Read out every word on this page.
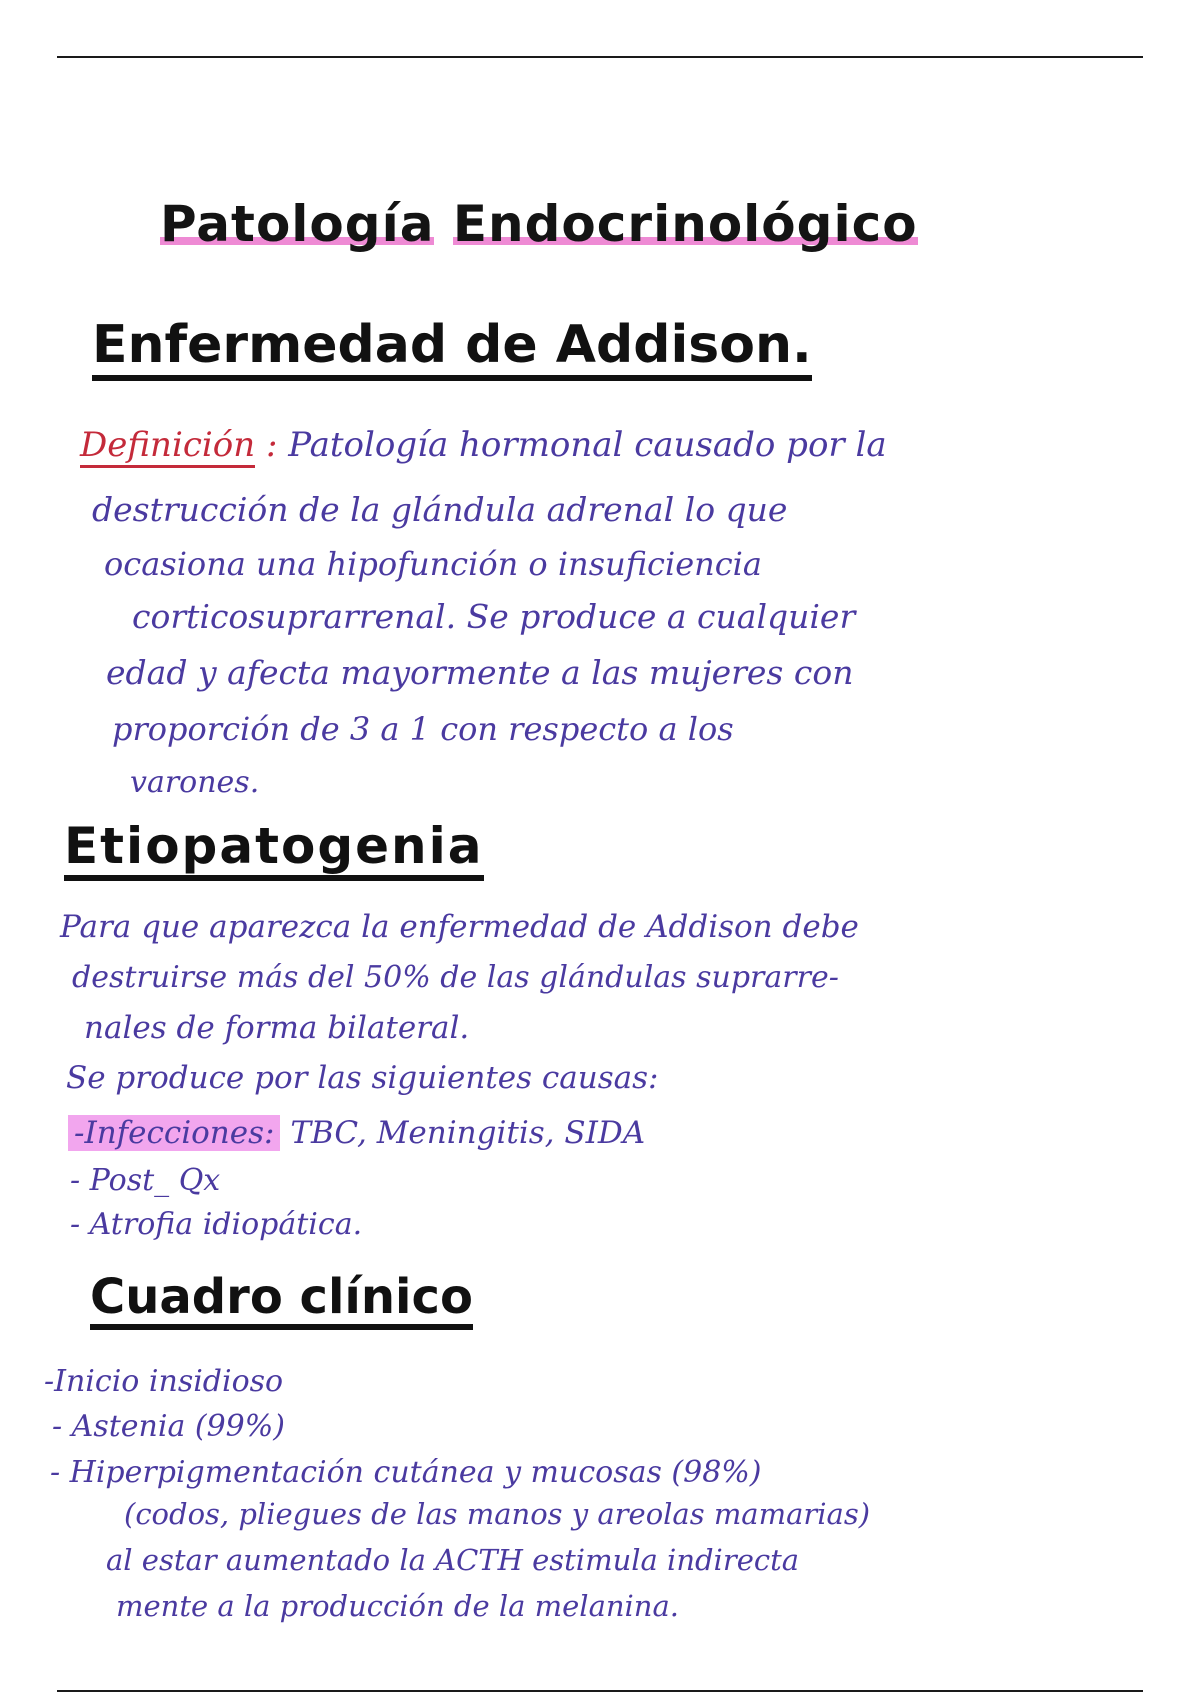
Patología Endocrinológico
Enfermedad de Addison.
Definición : Patología hormonal causado por la
destrucción de la glándula adrenal lo que
ocasiona una hipofunción o insuficiencia
corticosuprarrenal. Se produce a cualquier
edad y afecta mayormente a las mujeres con
proporción de 3 a 1 con respecto a los
varones.
Etiopatogenia
Para que aparezca la enfermedad de Addison debe
destruirse más del 50% de las glándulas suprarre-
nales de forma bilateral.
Se produce por las siguientes causas:
-Infecciones: TBC, Meningitis, SIDA
- Post_ Qx
- Atrofia idiopática.
Cuadro clínico
-Inicio insidioso
- Astenia (99%)
- Hiperpigmentación cutánea y mucosas (98%)
(codos, pliegues de las manos y areolas mamarias)
al estar aumentado la ACTH estimula indirecta
mente a la producción de la melanina.
